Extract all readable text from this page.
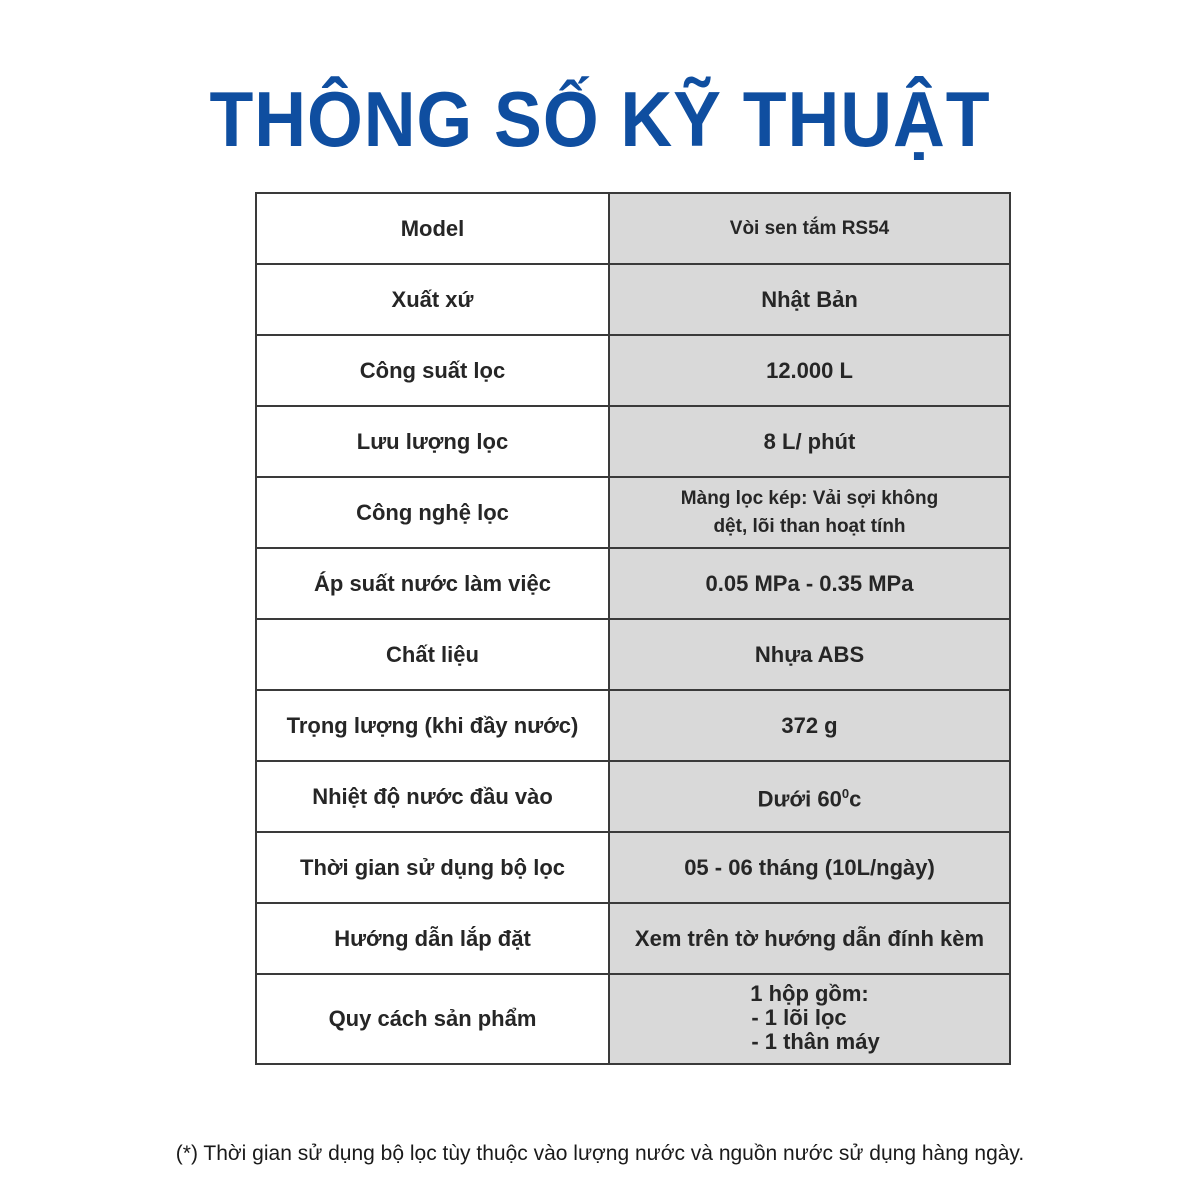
THÔNG SỐ KỸ THUẬT
Model	Vòi sen tắm RS54
Xuất xứ	Nhật Bản
Công suất lọc	12.000 L
Lưu lượng lọc	8 L/ phút
Công nghệ lọc	Màng lọc kép: Vải sợi không
dệt, lõi than hoạt tính

Áp suất nước làm việc	0.05 MPa - 0.35 MPa
Chất liệu	Nhựa ABS
Trọng lượng (khi đầy nước)	372 g
Nhiệt độ nước đầu vào	Dưới $60^0c$
Thời gian sử dụng bộ lọc	05 - 06 tháng (10L/ngày)
Hướng dẫn lắp đặt	Xem trên tờ hướng dẫn đính kèm
Quy cách sản phẩm	1 hộp gồm:
- 1 lõi lọc
- 1 thân máy
(*) Thời gian sử dụng bộ lọc tùy thuộc vào lượng nước và nguồn nước sử dụng hàng ngày.
